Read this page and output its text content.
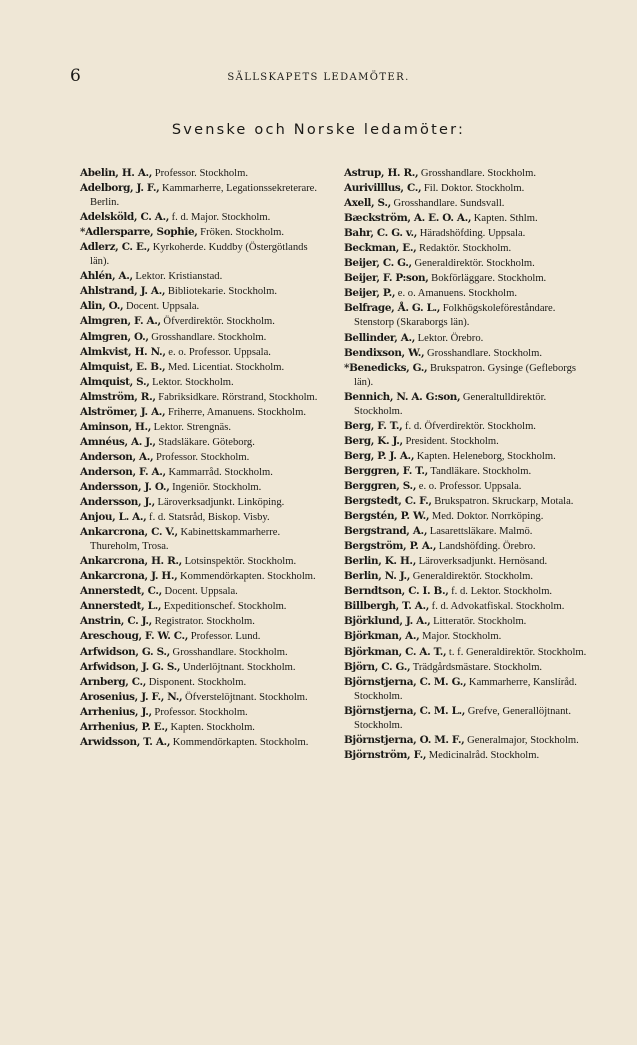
6	SÄLLSKAPETS LEDAMÖTER.
Svenske och Norske ledamöter:
Abelin, H. A., Professor. Stockholm.
Adelborg, J. F., Kammarherre, Legationssekreterare. Berlin.
Adelsköld, C. A., f. d. Major. Stockholm.
*Adlersparre, Sophie, Fröken. Stockholm.
Adlerz, C. E., Kyrkoherde. Kuddby (Östergötlands län).
Ahlén, A., Lektor. Kristianstad.
Ahlstrand, J. A., Bibliotekarie. Stockholm.
Alin, O., Docent. Uppsala.
Almgren, F. A., Öfverdirektör. Stockholm.
Almgren, O., Grosshandlare. Stockholm.
Almkvist, H. N., e. o. Professor. Uppsala.
Almquist, E. B., Med. Licentiat. Stockholm.
Almquist, S., Lektor. Stockholm.
Almström, R., Fabriksidkare. Rörstrand, Stockholm.
Alströmer, J. A., Friherre, Amanuens. Stockholm.
Aminson, H., Lektor. Strengnäs.
Amnéus, A. J., Stadsläkare. Göteborg.
Anderson, A., Professor. Stockholm.
Anderson, F. A., Kammarråd. Stockholm.
Andersson, J. O., Ingeniör. Stockholm.
Andersson, J., Läroverksadjunkt. Linköping.
Anjou, L. A., f. d. Statsråd, Biskop. Visby.
Ankarcrona, C. V., Kabinettskammarherre. Thureholm, Trosa.
Ankarcrona, H. R., Lotsinspektör. Stockholm.
Ankarcrona, J. H., Kommendörkapten. Stockholm.
Annerstedt, C., Docent. Uppsala.
Annerstedt, L., Expeditionschef. Stockholm.
Anstrin, C. J., Registrator. Stockholm.
Areschoug, F. W. C., Professor. Lund.
Arfwidson, G. S., Grosshandlare. Stockholm.
Arfwidson, J. G. S., Underlöjtnant. Stockholm.
Arnberg, C., Disponent. Stockholm.
Arosenius, J. F., N., Öfverstelöjtnant. Stockholm.
Arrhenius, J., Professor. Stockholm.
Arrhenius, P. E., Kapten. Stockholm.
Arwidsson, T. A., Kommendörkapten. Stockholm.
Astrup, H. R., Grosshandlare. Stockholm.
Aurivilllus, C., Fil. Doktor. Stockholm.
Axell, S., Grosshandlare. Sundsvall.
Bæckström, A. E. O. A., Kapten. Sthlm.
Bahr, C. G. v., Häradshöfding. Uppsala.
Beckman, E., Redaktör. Stockholm.
Beijer, C. G., Generaldirektör. Stockholm.
Beijer, F. P:son, Bokförläggare. Stockholm.
Beijer, P., e. o. Amanuens. Stockholm.
Belfrage, Å. G. L., Folkhögskoleföreståndare. Stenstorp (Skaraborgs län).
Bellinder, A., Lektor. Örebro.
Bendixson, W., Grosshandlare. Stockholm.
*Benedicks, G., Brukspatron. Gysinge (Gefleborgs län).
Bennich, N. A. G:son, Generaltulldirektör. Stockholm.
Berg, F. T., f. d. Öfverdirektör. Stockholm.
Berg, K. J., President. Stockholm.
Berg, P. J. A., Kapten. Heleneborg, Stockholm.
Berggren, F. T., Tandläkare. Stockholm.
Berggren, S., e. o. Professor. Uppsala.
Bergstedt, C. F., Brukspatron. Skruckarp, Motala.
Bergstén, P. W., Med. Doktor. Norrköping.
Bergstrand, A., Lasarettsläkare. Malmö.
Bergström, P. A., Landshöfding. Örebro.
Berlin, K. H., Läroverksadjunkt. Hernösand.
Berlin, N. J., Generaldirektör. Stockholm.
Berndtson, C. I. B., f. d. Lektor. Stockholm.
Billbergh, T. A., f. d. Advokatfiskal. Stockholm.
Björklund, J. A., Litteratör. Stockholm.
Björkman, A., Major. Stockholm.
Björkman, C. A. T., t. f. Generaldirektör. Stockholm.
Björn, C. G., Trädgårdsmästare. Stockholm.
Björnstjerna, C. M. G., Kammarherre, Kanslíråd. Stockholm.
Björnstjerna, C. M. L., Grefve, Generallöjtnant. Stockholm.
Björnstjerna, O. M. F., Generalmajor, Stockholm.
Björnström, F., Medicinalråd. Stockholm.
